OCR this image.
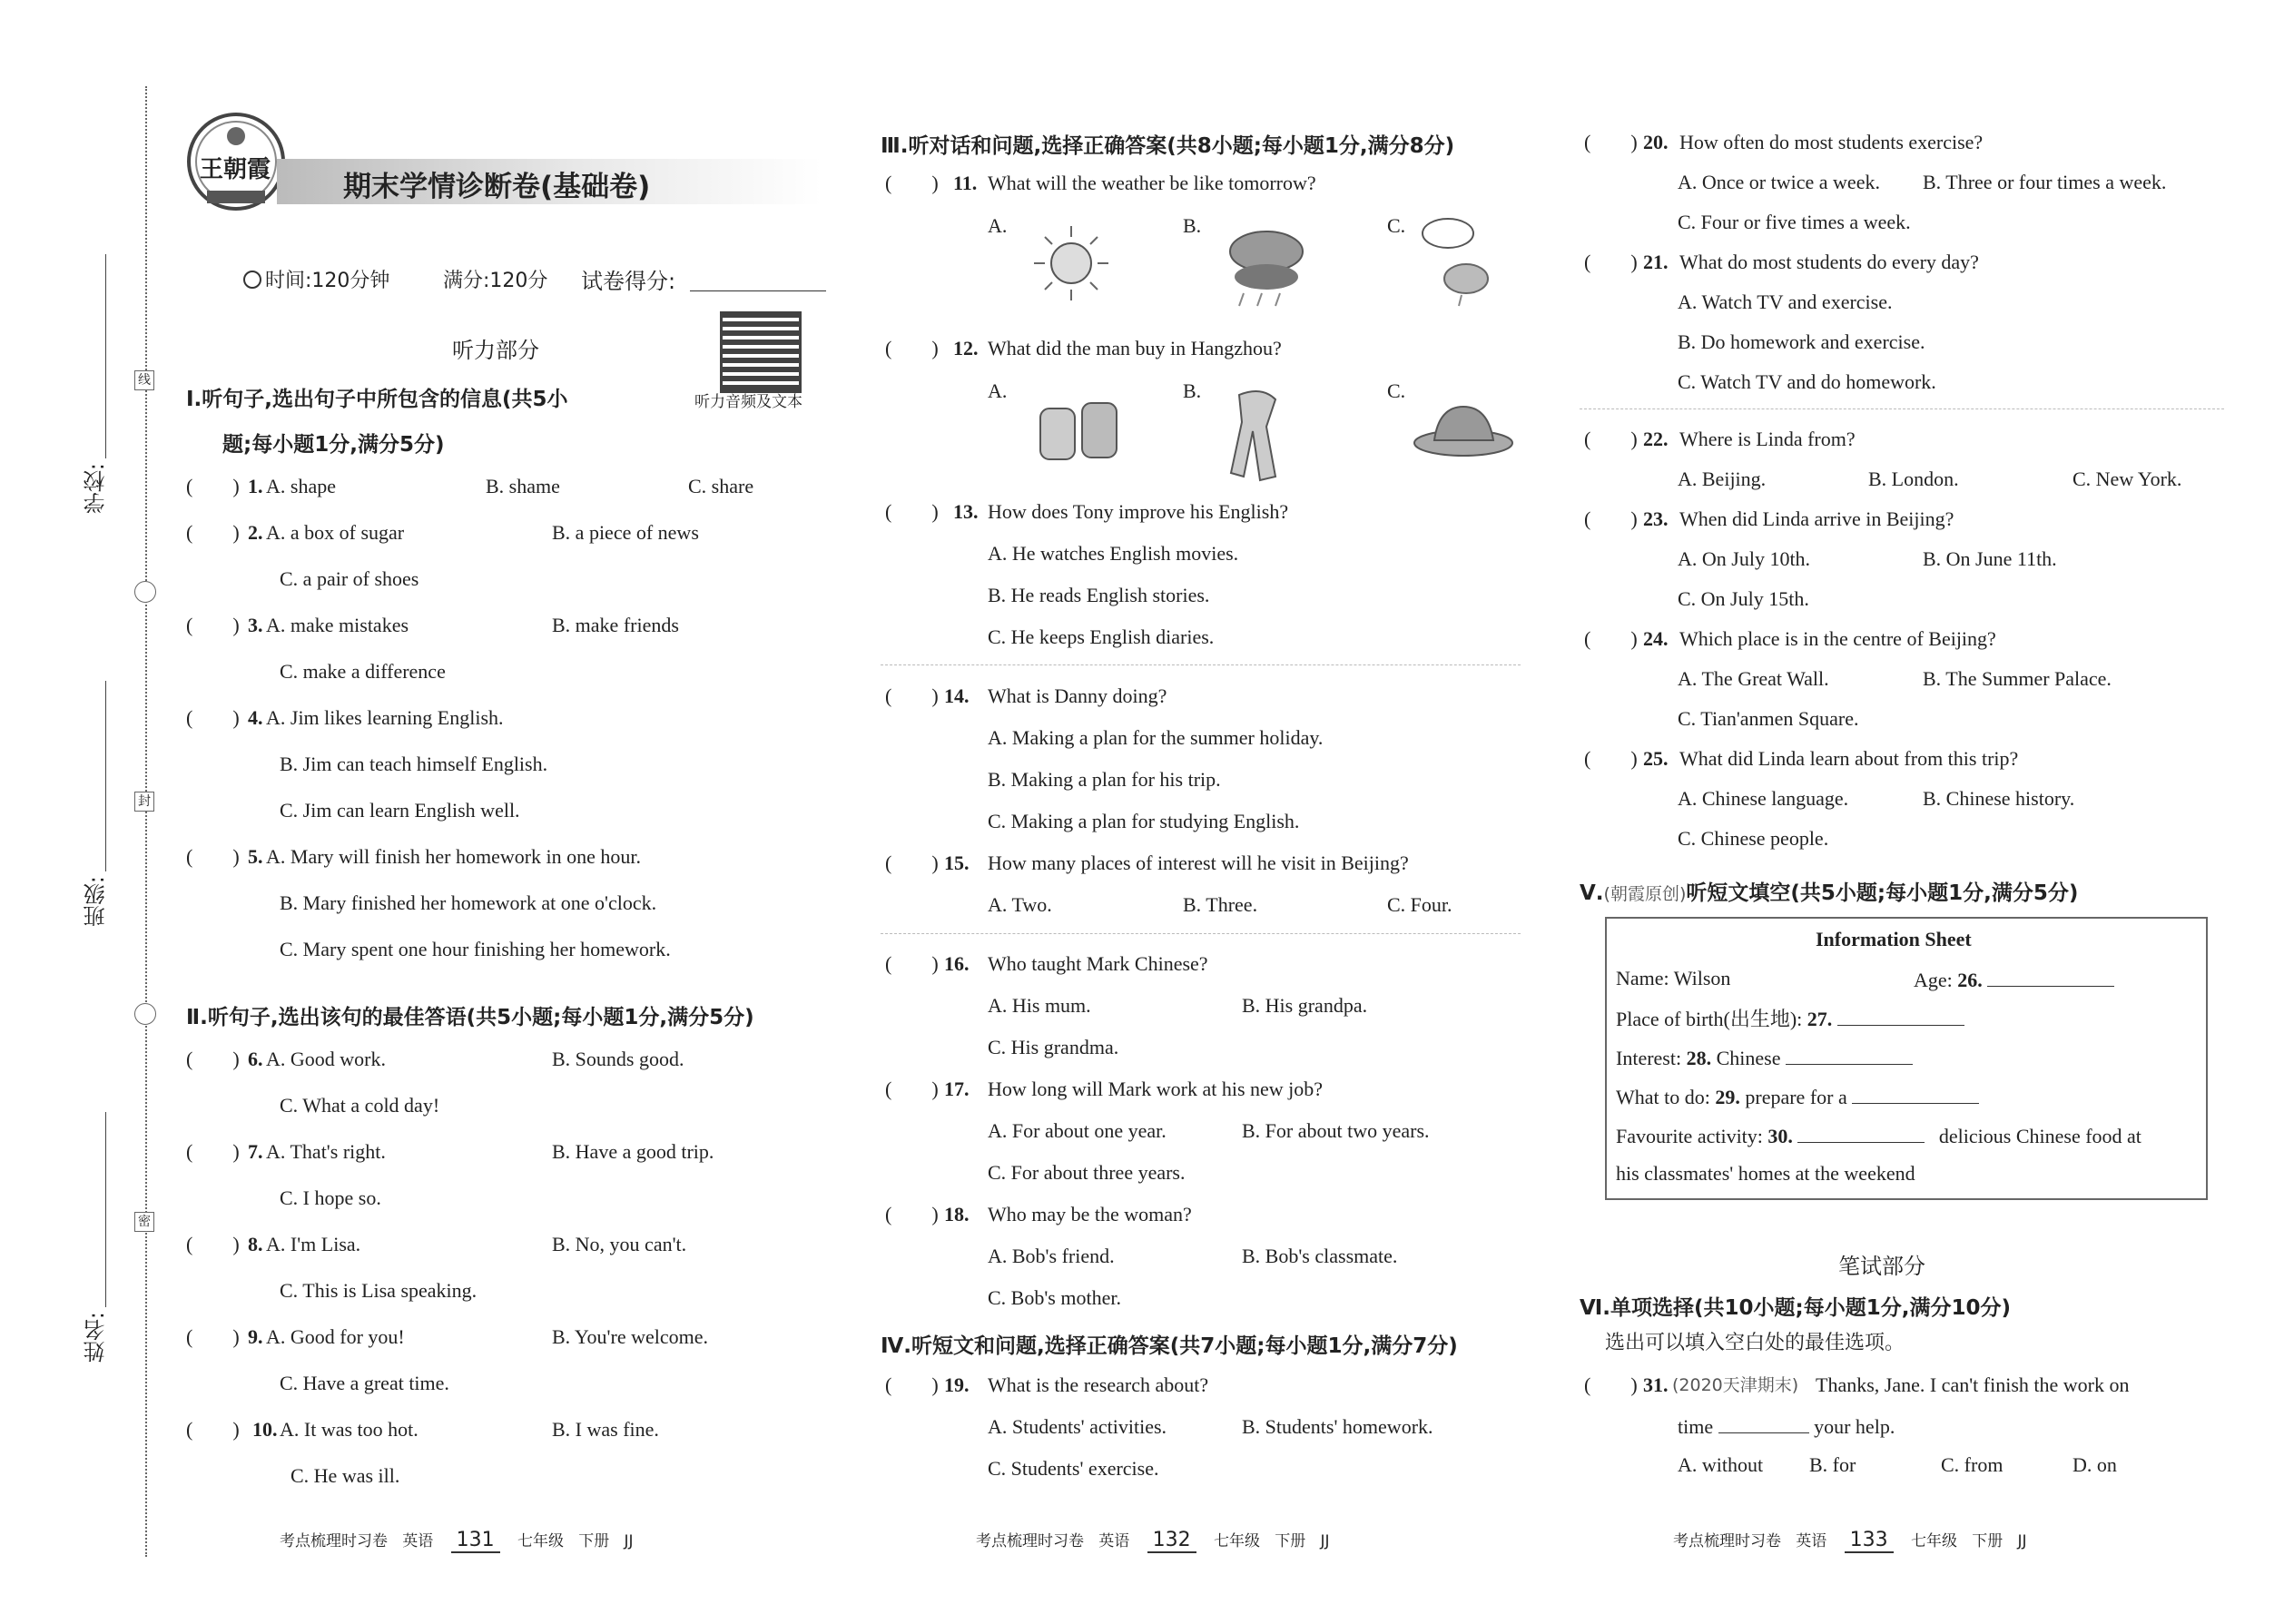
学校:
班级:
姓名:
线
封
密
王朝霞
期末学情诊断卷(基础卷)
时间:120分钟	满分:120分 试卷得分:
听力部分
听力音频及文本
Ⅰ.听句子,选出句子中所包含的信息(共5小
题;每小题1分,满分5分)
(        ) 1. A. shape	B. shame	C. share
(        ) 2. A. a box of sugar	B. a piece of news
C. a pair of shoes
(        ) 3. A. make mistakes	B. make friends
C. make a difference
(        ) 4. A. Jim likes learning English.
B. Jim can teach himself English.
C. Jim can learn English well.
(        ) 5. A. Mary will finish her homework in one hour.
B. Mary finished her homework at one o'clock.
C. Mary spent one hour finishing her homework.
Ⅱ.听句子,选出该句的最佳答语(共5小题;每小题1分,满分5分)
(        ) 6. A. Good work.	B. Sounds good.
C. What a cold day!
(        ) 7. A. That's right.	B. Have a good trip.
C. I hope so.
(        ) 8. A. I'm Lisa.	B. No, you can't.
C. This is Lisa speaking.
(        ) 9. A. Good for you!	B. You're welcome.
C. Have a great time.
(        ) 10. A. It was too hot.	B. I was fine.
C. He was ill.
Ⅲ.听对话和问题,选择正确答案(共8小题;每小题1分,满分8分)
(        ) 11. What will the weather be like tomorrow?
A.	B.	C.
(        ) 12. What did the man buy in Hangzhou?
A.	B.	C.
(        ) 13. How does Tony improve his English?
A. He watches English movies.
B. He reads English stories.
C. He keeps English diaries.
(        ) 14. What is Danny doing?
A. Making a plan for the summer holiday.
B. Making a plan for his trip.
C. Making a plan for studying English.
(        ) 15. How many places of interest will he visit in Beijing?
A. Two.	B. Three.	C. Four.
(        ) 16. Who taught Mark Chinese?
A. His mum.	B. His grandpa.
C. His grandma.
(        ) 17. How long will Mark work at his new job?
A. For about one year.	B. For about two years.
C. For about three years.
(        ) 18. Who may be the woman?
A. Bob's friend.	B. Bob's classmate.
C. Bob's mother.
Ⅳ.听短文和问题,选择正确答案(共7小题;每小题1分,满分7分)
(        ) 19. What is the research about?
A. Students' activities.	B. Students' homework.
C. Students' exercise.
(        ) 20. How often do most students exercise?
A. Once or twice a week. B. Three or four times a week.
C. Four or five times a week.
(        ) 21. What do most students do every day?
A. Watch TV and exercise.
B. Do homework and exercise.
C. Watch TV and do homework.
(        ) 22. Where is Linda from?
A. Beijing.	B. London.	C. New York.
(        ) 23. When did Linda arrive in Beijing?
A. On July 10th.	B. On June 11th.
C. On July 15th.
(        ) 24. Which place is in the centre of Beijing?
A. The Great Wall.	B. The Summer Palace.
C. Tian'anmen Square.
(        ) 25. What did Linda learn about from this trip?
A. Chinese language.	B. Chinese history.
C. Chinese people.
Ⅴ.(朝霞原创)听短文填空(共5小题;每小题1分,满分5分)
Information Sheet
Name: Wilson	Age: 26.
Place of birth(出生地): 27.
Interest: 28. Chinese
What to do: 29. prepare for a
Favourite activity: 30.	delicious Chinese food at
his classmates' homes at the weekend
笔试部分
Ⅵ.单项选择(共10小题;每小题1分,满分10分)
选出可以填入空白处的最佳选项。
(        ) 31. (2020天津期末) Thanks, Jane. I can't finish the work on
time	your help.
A. without B. for	C. from	D. on
考点梳理时习卷 英语 131 七年级 下册 JJ	考点梳理时习卷 英语 132 七年级 下册 JJ	考点梳理时习卷 英语 133 七年级 下册 JJ
